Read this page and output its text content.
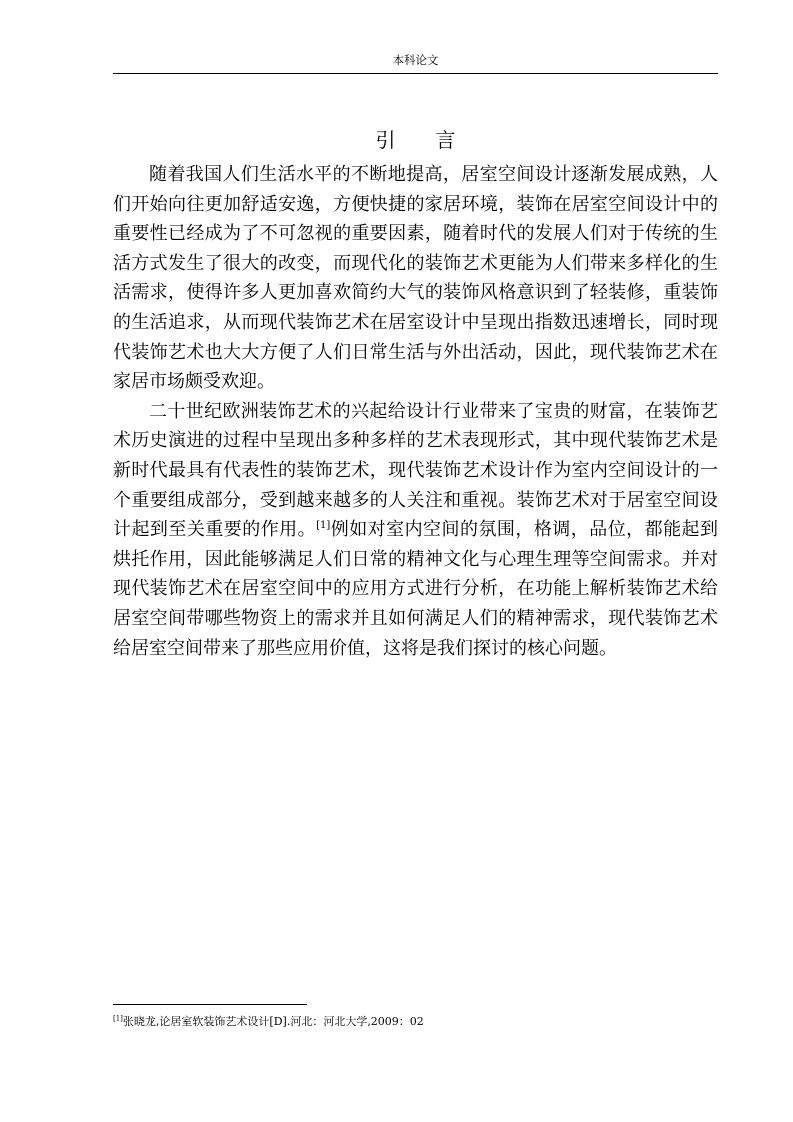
本科论文
引言

随着我国人们生活水平的不断地提高，居室空间设计逐渐发展成熟，人们开始向往更加舒适安逸，方便快捷的家居环境，装饰在居室空间设计中的重要性已经成为了不可忽视的重要因素，随着时代的发展人们对于传统的生活方式发生了很大的改变，而现代化的装饰艺术更能为人们带来多样化的生活需求，使得许多人更加喜欢简约大气的装饰风格意识到了轻装修，重装饰的生活追求，从而现代装饰艺术在居室设计中呈现出指数迅速增长，同时现代装饰艺术也大大方便了人们日常生活与外出活动，因此，现代装饰艺术在家居市场颇受欢迎。

二十世纪欧洲装饰艺术的兴起给设计行业带来了宝贵的财富，在装饰艺术历史演进的过程中呈现出多种多样的艺术表现形式，其中现代装饰艺术是新时代最具有代表性的装饰艺术，现代装饰艺术设计作为室内空间设计的一个重要组成部分，受到越来越多的人关注和重视。装饰艺术对于居室空间设计起到至关重要的作用。[1]例如对室内空间的氛围，格调，品位，都能起到烘托作用，因此能够满足人们日常的精神文化与心理生理等空间需求。并对现代装饰艺术在居室空间中的应用方式进行分析，在功能上解析装饰艺术给居室空间带哪些物资上的需求并且如何满足人们的精神需求，现代装饰艺术给居室空间带来了那些应用价值，这将是我们探讨的核心问题。

[1]张晓龙,论居室软装饰艺术设计[D].河北：河北大学,2009：02
